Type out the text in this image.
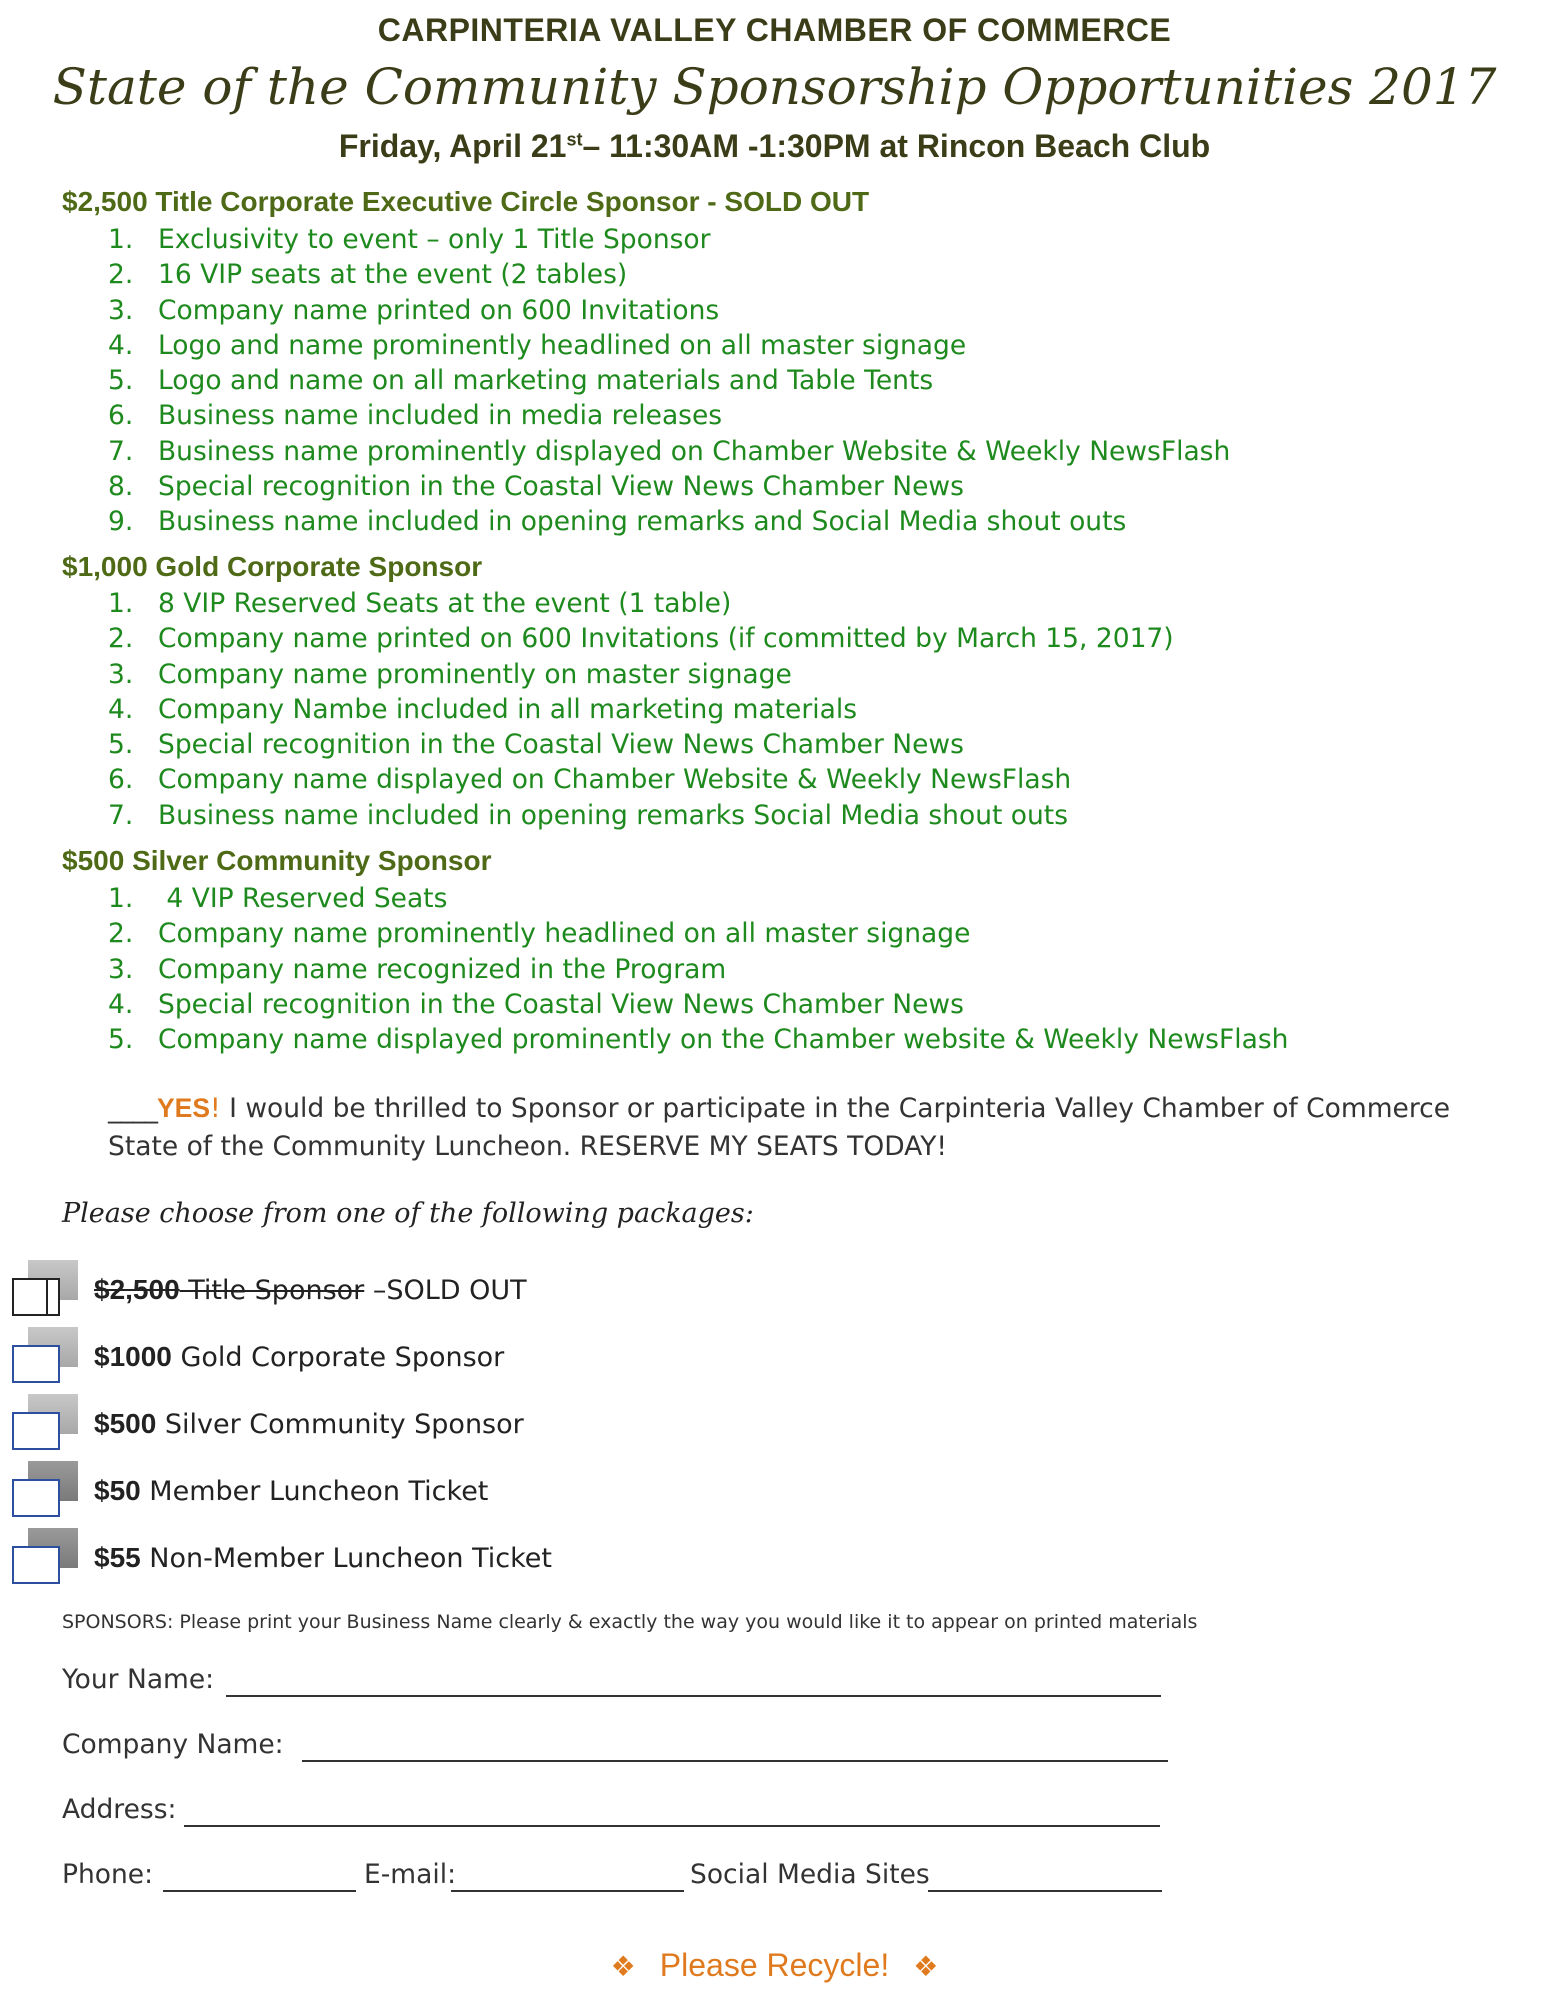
CARPINTERIA VALLEY CHAMBER OF COMMERCE
State of the Community Sponsorship Opportunities 2017
Friday, April 21st– 11:30AM -1:30PM at Rincon Beach Club
$2,500 Title Corporate Executive Circle Sponsor - SOLD OUT
1. Exclusivity to event – only 1 Title Sponsor
2. 16 VIP seats at the event (2 tables)
3. Company name printed on 600 Invitations
4. Logo and name prominently headlined on all master signage
5. Logo and name on all marketing materials and Table Tents
6. Business name included in media releases
7. Business name prominently displayed on Chamber Website & Weekly NewsFlash
8. Special recognition in the Coastal View News Chamber News
9. Business name included in opening remarks and Social Media shout outs
$1,000 Gold Corporate Sponsor
1. 8 VIP Reserved Seats at the event (1 table)
2. Company name printed on 600 Invitations (if committed by March 15, 2017)
3. Company name prominently on master signage
4. Company Nambe included in all marketing materials
5. Special recognition in the Coastal View News Chamber News
6. Company name displayed on Chamber Website & Weekly NewsFlash
7. Business name included in opening remarks Social Media shout outs
$500 Silver Community Sponsor
1. 4 VIP Reserved Seats
2. Company name prominently headlined on all master signage
3. Company name recognized in the Program
4. Special recognition in the Coastal View News Chamber News
5. Company name displayed prominently on the Chamber website & Weekly NewsFlash
____YES! I would be thrilled to Sponsor or participate in the Carpinteria Valley Chamber of Commerce State of the Community Luncheon. RESERVE MY SEATS TODAY!
Please choose from one of the following packages:
$2,500 Title Sponsor –SOLD OUT
$1000 Gold Corporate Sponsor
$500 Silver Community Sponsor
$50 Member Luncheon Ticket
$55 Non-Member Luncheon Ticket
SPONSORS: Please print your Business Name clearly & exactly the way you would like it to appear on printed materials
Your Name:
Company Name:
Address:
Phone:	E-mail:	Social Media Sites
❖ Please Recycle! ❖
